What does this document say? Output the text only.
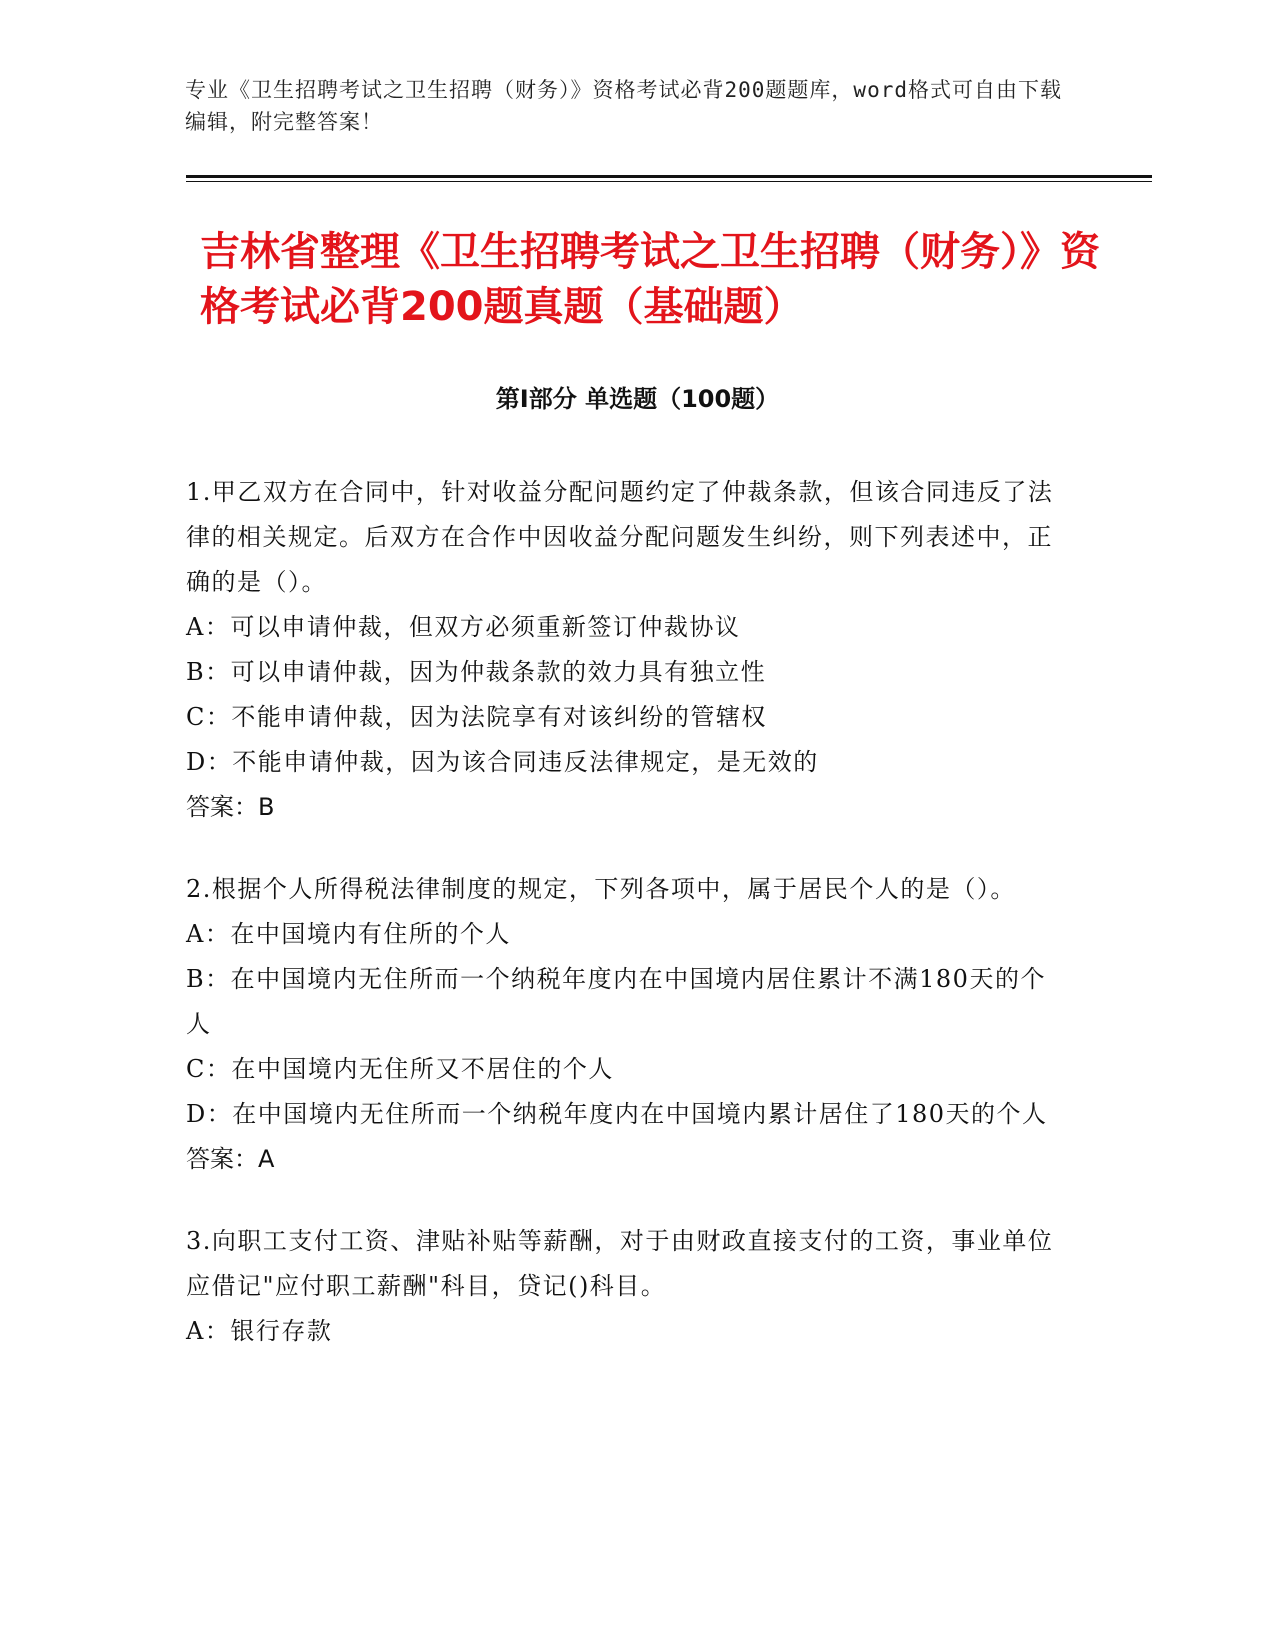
专业《卫生招聘考试之卫生招聘（财务）》资格考试必背200题题库，word格式可自由下载编辑，附完整答案！
吉林省整理《卫生招聘考试之卫生招聘（财务）》资格考试必背200题真题（基础题）
第Ⅰ部分 单选题（100题）

1.甲乙双方在合同中，针对收益分配问题约定了仲裁条款，但该合同违反了法律的相关规定。后双方在合作中因收益分配问题发生纠纷，则下列表述中，正确的是（）。

A：可以申请仲裁，但双方必须重新签订仲裁协议

B：可以申请仲裁，因为仲裁条款的效力具有独立性

C：不能申请仲裁，因为法院享有对该纠纷的管辖权

D：不能申请仲裁，因为该合同违反法律规定，是无效的

答案：B

2.根据个人所得税法律制度的规定，下列各项中，属于居民个人的是（）。

A：在中国境内有住所的个人

B：在中国境内无住所而一个纳税年度内在中国境内居住累计不满180天的个人

C：在中国境内无住所又不居住的个人

D：在中国境内无住所而一个纳税年度内在中国境内累计居住了180天的个人

答案：A

3.向职工支付工资、津贴补贴等薪酬，对于由财政直接支付的工资，事业单位应借记"应付职工薪酬"科目，贷记()科目。

A：银行存款
